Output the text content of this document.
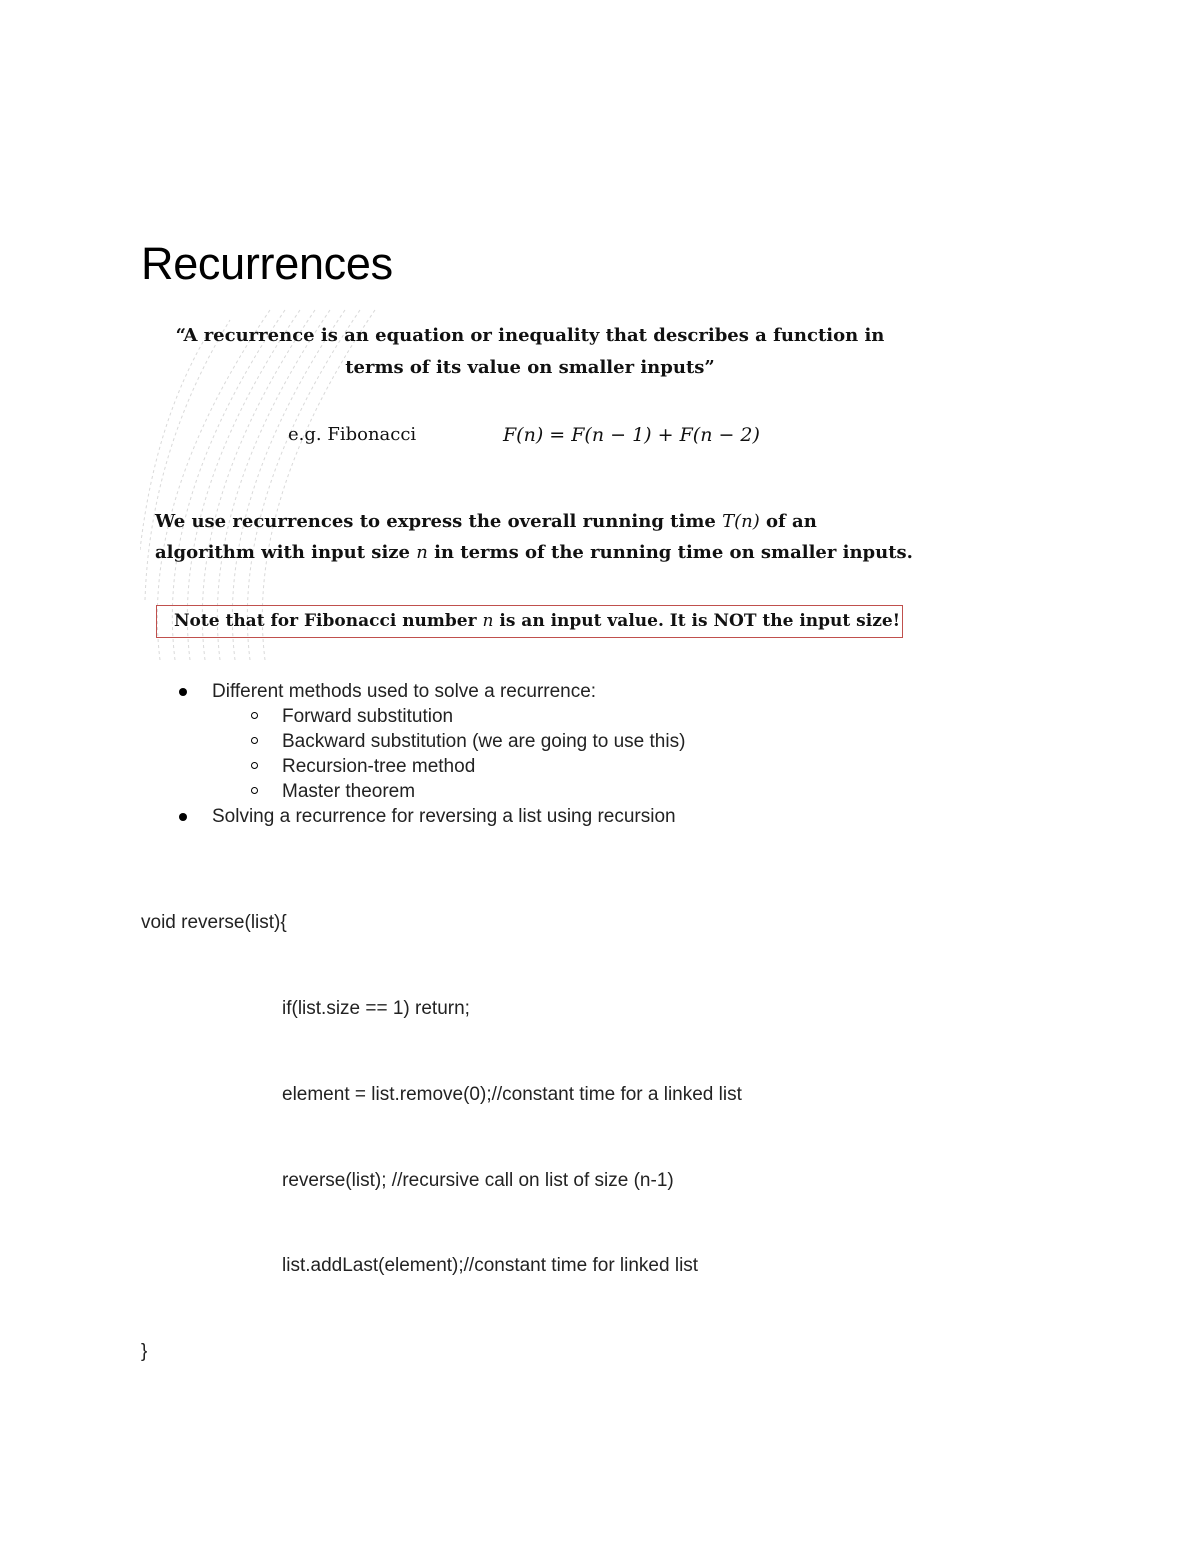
Recurrences

“A recurrence is an equation or inequality that describes a function in
terms of its value on smaller inputs”

e.g. Fibonacci	F(n) = F(n − 1) + F(n − 2)

We use recurrences to express the overall running time T(n) of an
algorithm with input size n in terms of the running time on smaller inputs.

Note that for Fibonacci number n is an input value. It is NOT the input size!
Different methods used to solve a recurrence:
Forward substitution
Backward substitution (we are going to use this)
Recursion-tree method
Master theorem
Solving a recurrence for reversing a list using recursion

void reverse(list){

if(list.size == 1) return;

element = list.remove(0);//constant time for a linked list

reverse(list); //recursive call on list of size (n-1)

list.addLast(element);//constant time for linked list

}
